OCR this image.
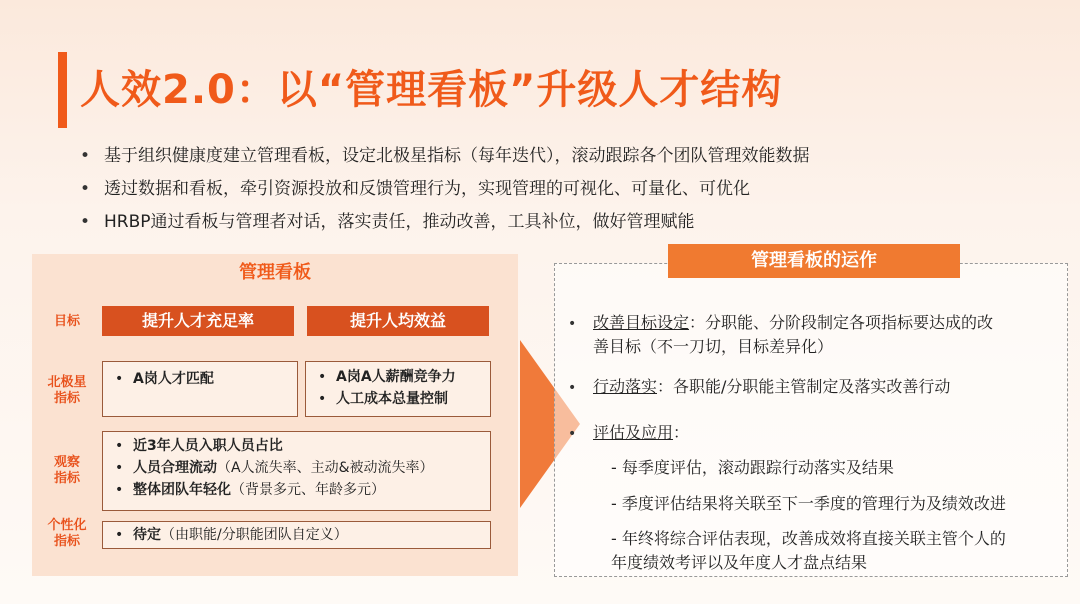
人效2.0：以“管理看板”升级人才结构
• 基于组织健康度建立管理看板，设定北极星指标（每年迭代），滚动跟踪各个团队管理效能数据
• 透过数据和看板，牵引资源投放和反馈管理行为，实现管理的可视化、可量化、可优化
• HRBP通过看板与管理者对话，落实责任，推动改善，工具补位，做好管理赋能
管理看板
目标
北极星
指标
观察
指标
个性化
指标
提升人才充足率	提升人均效益
• A岗人才匹配
•	A岗A人薪酬竞争力
• 人工成本总量控制
• 近3年人员入职人员占比
• 人员合理流动（A人流失率、主动&被动流失率）
• 整体团队年轻化（背景多元、年龄多元）
• 待定（由职能/分职能团队自定义）
管理看板的运作
• 改善目标设定：分职能、分阶段制定各项指标要达成的改
善目标（不一刀切，目标差异化）
• 行动落实：各职能/分职能主管制定及落实改善行动
• 评估及应用：
- 每季度评估，滚动跟踪行动落实及结果
- 季度评估结果将关联至下一季度的管理行为及绩效改进
- 年终将综合评估表现，改善成效将直接关联主管个人的
年度绩效考评以及年度人才盘点结果
